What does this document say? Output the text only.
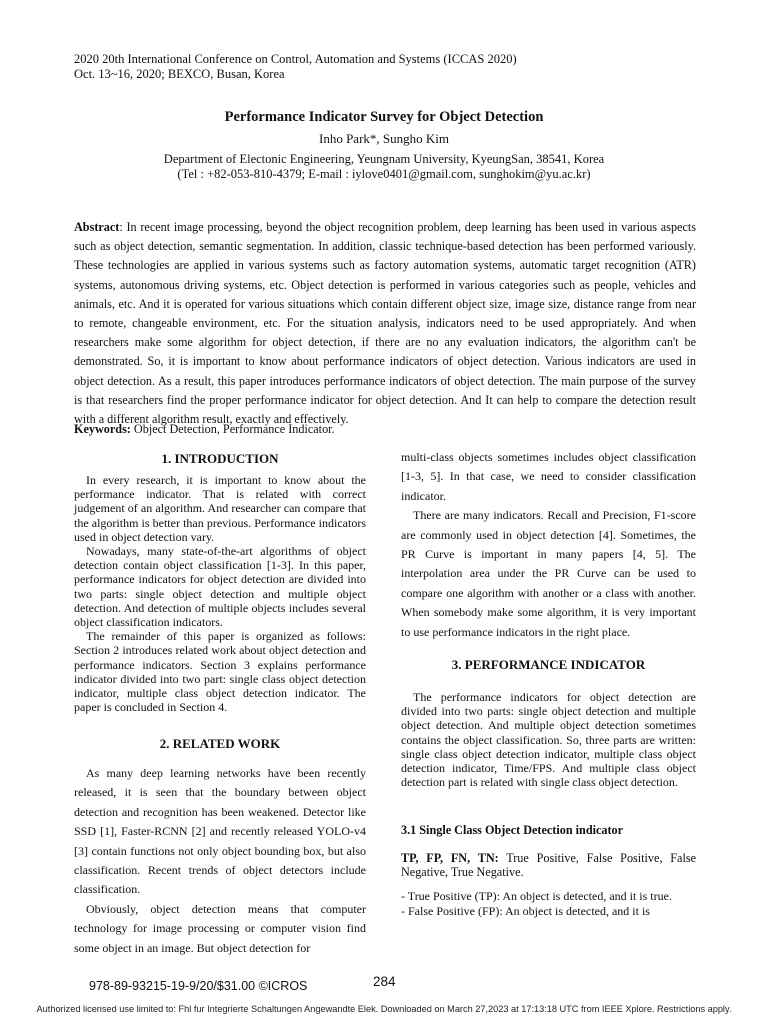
2020 20th International Conference on Control, Automation and Systems (ICCAS 2020)
Oct. 13~16, 2020; BEXCO, Busan, Korea
Performance Indicator Survey for Object Detection
Inho Park*, Sungho Kim
Department of Electonic Engineering, Yeungnam University, KyeungSan, 38541, Korea
(Tel : +82-053-810-4379; E-mail : iylove0401@gmail.com, sunghokim@yu.ac.kr)
Abstract: In recent image processing, beyond the object recognition problem, deep learning has been used in various aspects such as object detection, semantic segmentation. In addition, classic technique-based detection has been performed variously. These technologies are applied in various systems such as factory automation systems, automatic target recognition (ATR) systems, autonomous driving systems, etc. Object detection is performed in various categories such as people, vehicles and animals, etc. And it is operated for various situations which contain different object size, image size, distance range from near to remote, changeable environment, etc. For the situation analysis, indicators need to be used appropriately. And when researchers make some algorithm for object detection, if there are no any evaluation indicators, the algorithm can't be demonstrated. So, it is important to know about performance indicators of object detection. Various indicators are used in object detection. As a result, this paper introduces performance indicators of object detection. The main purpose of the survey is that researchers find the proper performance indicator for object detection. And It can help to compare the detection result with a different algorithm result, exactly and effectively.
Keywords: Object Detection, Performance Indicator.
1. INTRODUCTION

In every research, it is important to know about the performance indicator. That is related with correct judgement of an algorithm. And researcher can compare that the algorithm is better than previous. Performance indicators used in object detection vary.

Nowadays, many state-of-the-art algorithms of object detection contain object classification [1-3]. In this paper, performance indicators for object detection are divided into two parts: single object detection and multiple object detection. And detection of multiple objects includes several object classification indicators.

The remainder of this paper is organized as follows: Section 2 introduces related work about object detection and performance indicators. Section 3 explains performance indicator divided into two part: single class object detection indicator, multiple class object detection indicator. The paper is concluded in Section 4.

2. RELATED WORK

As many deep learning networks have been recently released, it is seen that the boundary between object detection and recognition has been weakened. Detector like SSD [1], Faster-RCNN [2] and recently released YOLO-v4 [3] contain functions not only object bounding box, but also classification. Recent trends of object detectors include classification.

Obviously, object detection means that computer technology for image processing or computer vision find some object in an image. But object detection for

multi-class objects sometimes includes object classification [1-3, 5]. In that case, we need to consider classification indicator.

There are many indicators. Recall and Precision, F1-score are commonly used in object detection [4]. Sometimes, the PR Curve is important in many papers [4, 5]. The interpolation area under the PR Curve can be used to compare one algorithm with another or a class with another. When somebody make some algorithm, it is very important to use performance indicators in the right place.

3. PERFORMANCE INDICATOR

The performance indicators for object detection are divided into two parts: single object detection and multiple object detection. And multiple object detection sometimes contains the object classification. So, three parts are written: single class object detection indicator, multiple class object detection indicator, Time/FPS. And multiple class object detection part is related with single class object detection.

3.1 Single Class Object Detection indicator

TP, FP, FN, TN: True Positive, False Positive, False Negative, True Negative.

- True Positive (TP): An object is detected, and it is true.

- False Positive (FP): An object is detected, and it is

978-89-93215-19-9/20/$31.00 ©ICROS	284
Authorized licensed use limited to: Fhl fur Integrierte Schaltungen Angewandte Elek. Downloaded on March 27,2023 at 17:13:18 UTC from IEEE Xplore. Restrictions apply.
